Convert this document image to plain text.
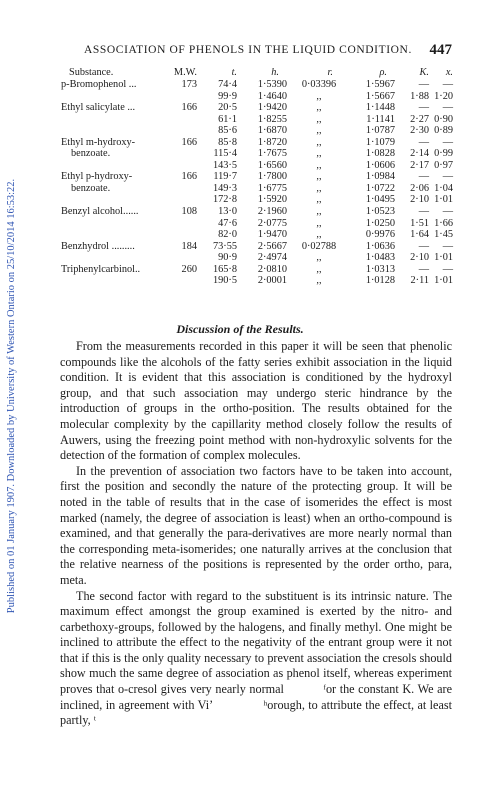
Published on 01 January 1907. Downloaded by University of Western Ontario on 25/10/2014 16:53:22.
ASSOCIATION OF PHENOLS IN THE LIQUID CONDITION. 447
Substance.	M.W.	t.	h.	r.	ρ.	K.	x.
p-Bromophenol ...	173	74·4	1·5390	0·03396	1·5967	—	—
		99·9	1·4640	,,	1·5667	1·88	1·20
Ethyl salicylate ...	166	20·5	1·9420	,,	1·1448	—	—
		61·1	1·8255	,,	1·1141	2·27	0·90
		85·6	1·6870	,,	1·0787	2·30	0·89
Ethyl m-hydroxy-	166	85·8	1·8720	,,	1·1079	—	—
benzoate.		115·4	1·7675	,,	1·0828	2·14	0·99
		143·5	1·6560	,,	1·0606	2·17	0·97
Ethyl p-hydroxy-	166	119·7	1·7800	,,	1·0984	—	—
benzoate.		149·3	1·6775	,,	1·0722	2·06	1·04
		172·8	1·5920	,,	1·0495	2·10	1·01
Benzyl alcohol......	108	13·0	2·1960	,,	1·0523	—	—
		47·6	2·0775	,,	1·0250	1·51	1·66
		82·0	1·9470	,,	0·9976	1·64	1·45
Benzhydrol .........	184	73·55	2·5667	0·02788	1·0636	—	—
		90·9	2·4974	,,	1·0483	2·10	1·01
Triphenylcarbinol..	260	165·8	2·0810	,,	1·0313	—	—
		190·5	2·0001	,,	1·0128	2·11	1·01
Discussion of the Results.

From the measurements recorded in this paper it will be seen that phenolic compounds like the alcohols of the fatty series exhibit association in the liquid condition. It is evident that this association is conditioned by the hydroxyl group, and that such association may undergo steric hindrance by the introduction of groups in the ortho-position. The results obtained for the molecular complexity by the capillarity method closely follow the results of Auwers, using the freezing point method with non-hydroxylic solvents for the detection of the formation of complex molecules.

In the prevention of association two factors have to be taken into account, first the position and secondly the nature of the protecting group. It will be noted in the table of results that in the case of isomerides the effect is most marked (namely, the degree of association is least) when an ortho-compound is examined, and that generally the para-derivatives are more nearly normal than the corresponding meta-isomerides; one naturally arrives at the conclusion that the relative nearness of the positions is represented by the order ortho, para, meta.

The second factor with regard to the substituent is its intrinsic nature. The maximum effect amongst the group examined is exerted by the nitro- and carbethoxy-groups, followed by the halogens, and finally methyl. One might be inclined to attribute the effect to the negativity of the entrant group were it not that if this is the only quality necessary to prevent association the cresols should show much the same degree of association as phenol itself, whereas experiment proves that o-cresol gives very nearly normal           ᶠor the constant K. We are inclined, in agreement with Vi’               ʰorough, to attribute the effect, at least partly, ᵗ
